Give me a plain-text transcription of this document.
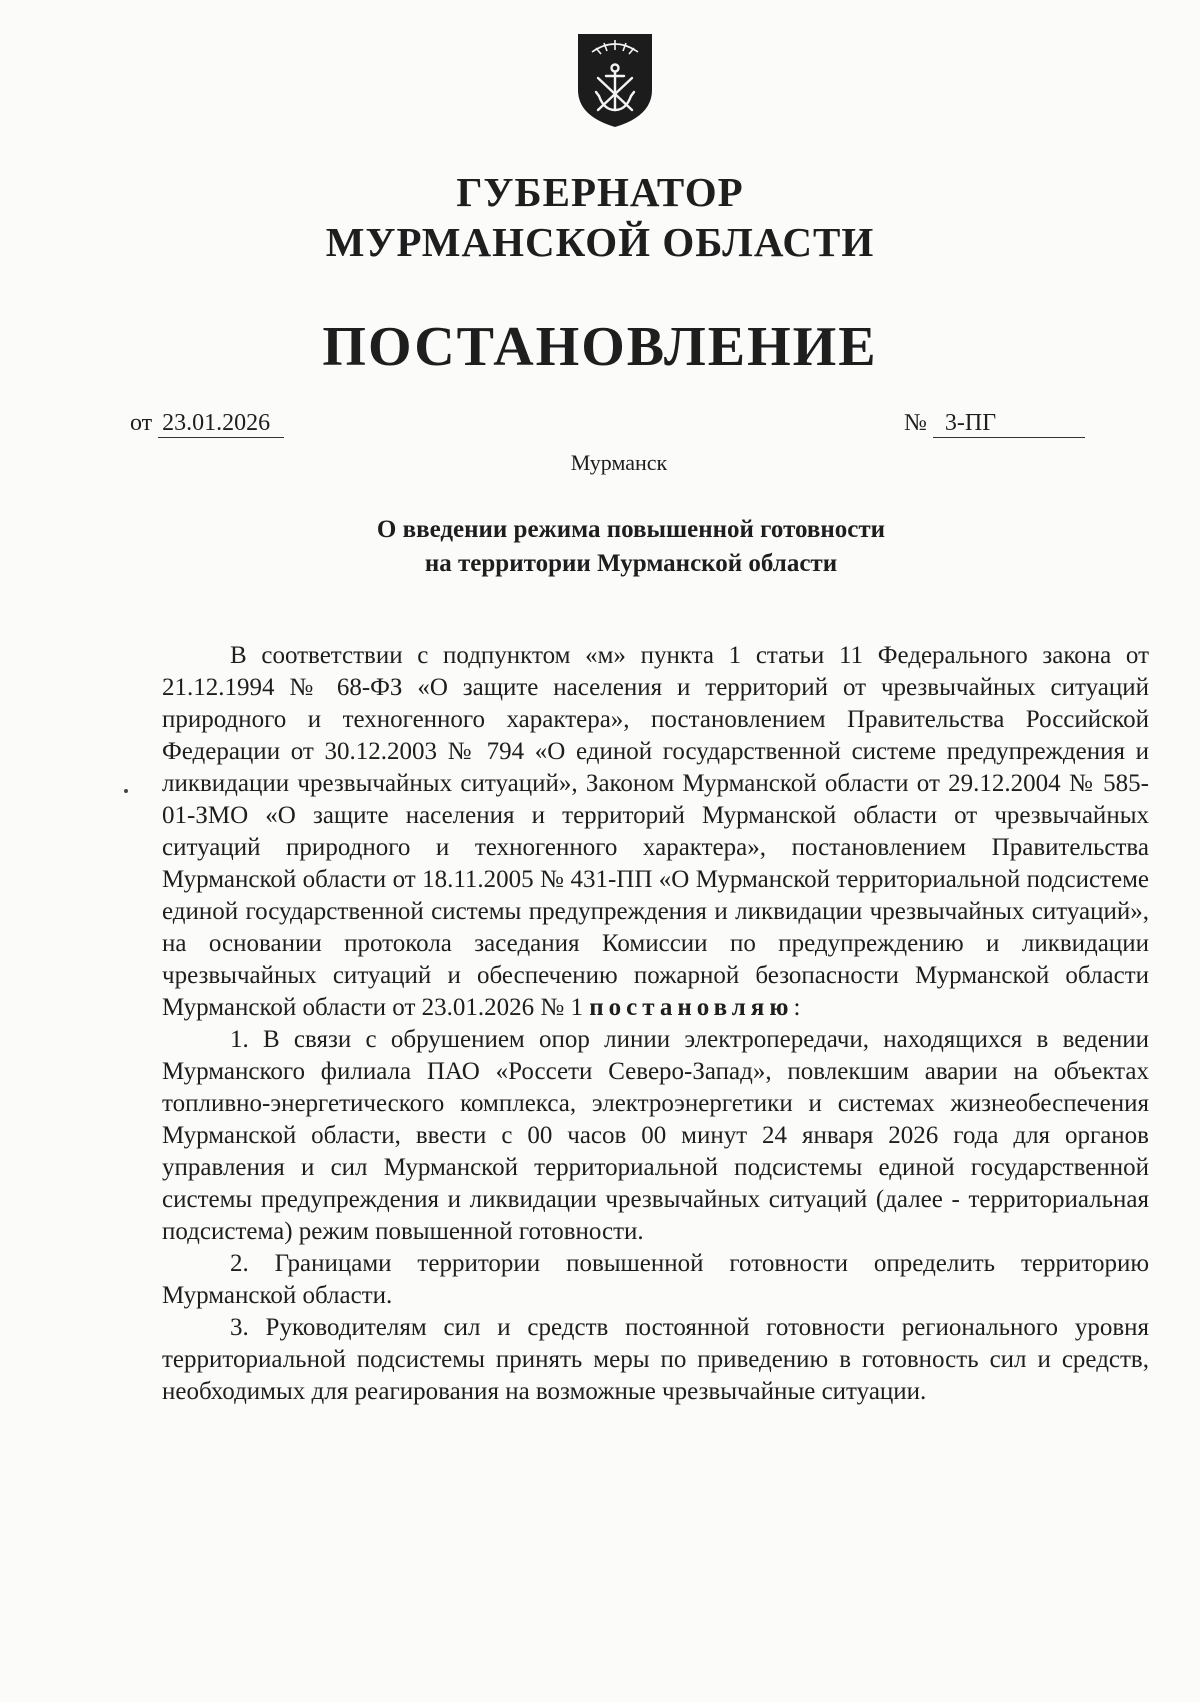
ГУБЕРНАТОР
МУРМАНСКОЙ ОБЛАСТИ
ПОСТАНОВЛЕНИЕ
от 23.01.2026	№ 3-ПГ
Мурманск
О введении режима повышенной готовности
на территории Мурманской области

В соответствии с подпунктом «м» пункта 1 статьи 11 Федерального закона от 21.12.1994 № 68-ФЗ «О защите населения и территорий от чрезвычайных ситуаций природного и техногенного характера», постановлением Правительства Российской Федерации от 30.12.2003 № 794 «О единой государственной системе предупреждения и ликвидации чрезвычайных ситуаций», Законом Мурманской области от 29.12.2004 № 585-01-ЗМО «О защите населения и территорий Мурманской области от чрезвычайных ситуаций природного и техногенного характера», постановлением Правительства Мурманской области от 18.11.2005 № 431-ПП «О Мурманской территориальной подсистеме единой государственной системы предупреждения и ликвидации чрезвычайных ситуаций», на основании протокола заседания Комиссии по предупреждению и ликвидации чрезвычайных ситуаций и обеспечению пожарной безопасности Мурманской области Мурманской области от 23.01.2026 № 1 постановляю:

1. В связи с обрушением опор линии электропередачи, находящихся в ведении Мурманского филиала ПАО «Россети Северо-Запад», повлекшим аварии на объектах топливно-энергетического комплекса, электроэнергетики и системах жизнеобеспечения Мурманской области, ввести с 00 часов 00 минут 24 января 2026 года для органов управления и сил Мурманской территориальной подсистемы единой государственной системы предупреждения и ликвидации чрезвычайных ситуаций (далее - территориальная подсистема) режим повышенной готовности.

2. Границами территории повышенной готовности определить территорию Мурманской области.

3. Руководителям сил и средств постоянной готовности регионального уровня территориальной подсистемы принять меры по приведению в готовность сил и средств, необходимых для реагирования на возможные чрезвычайные ситуации.
